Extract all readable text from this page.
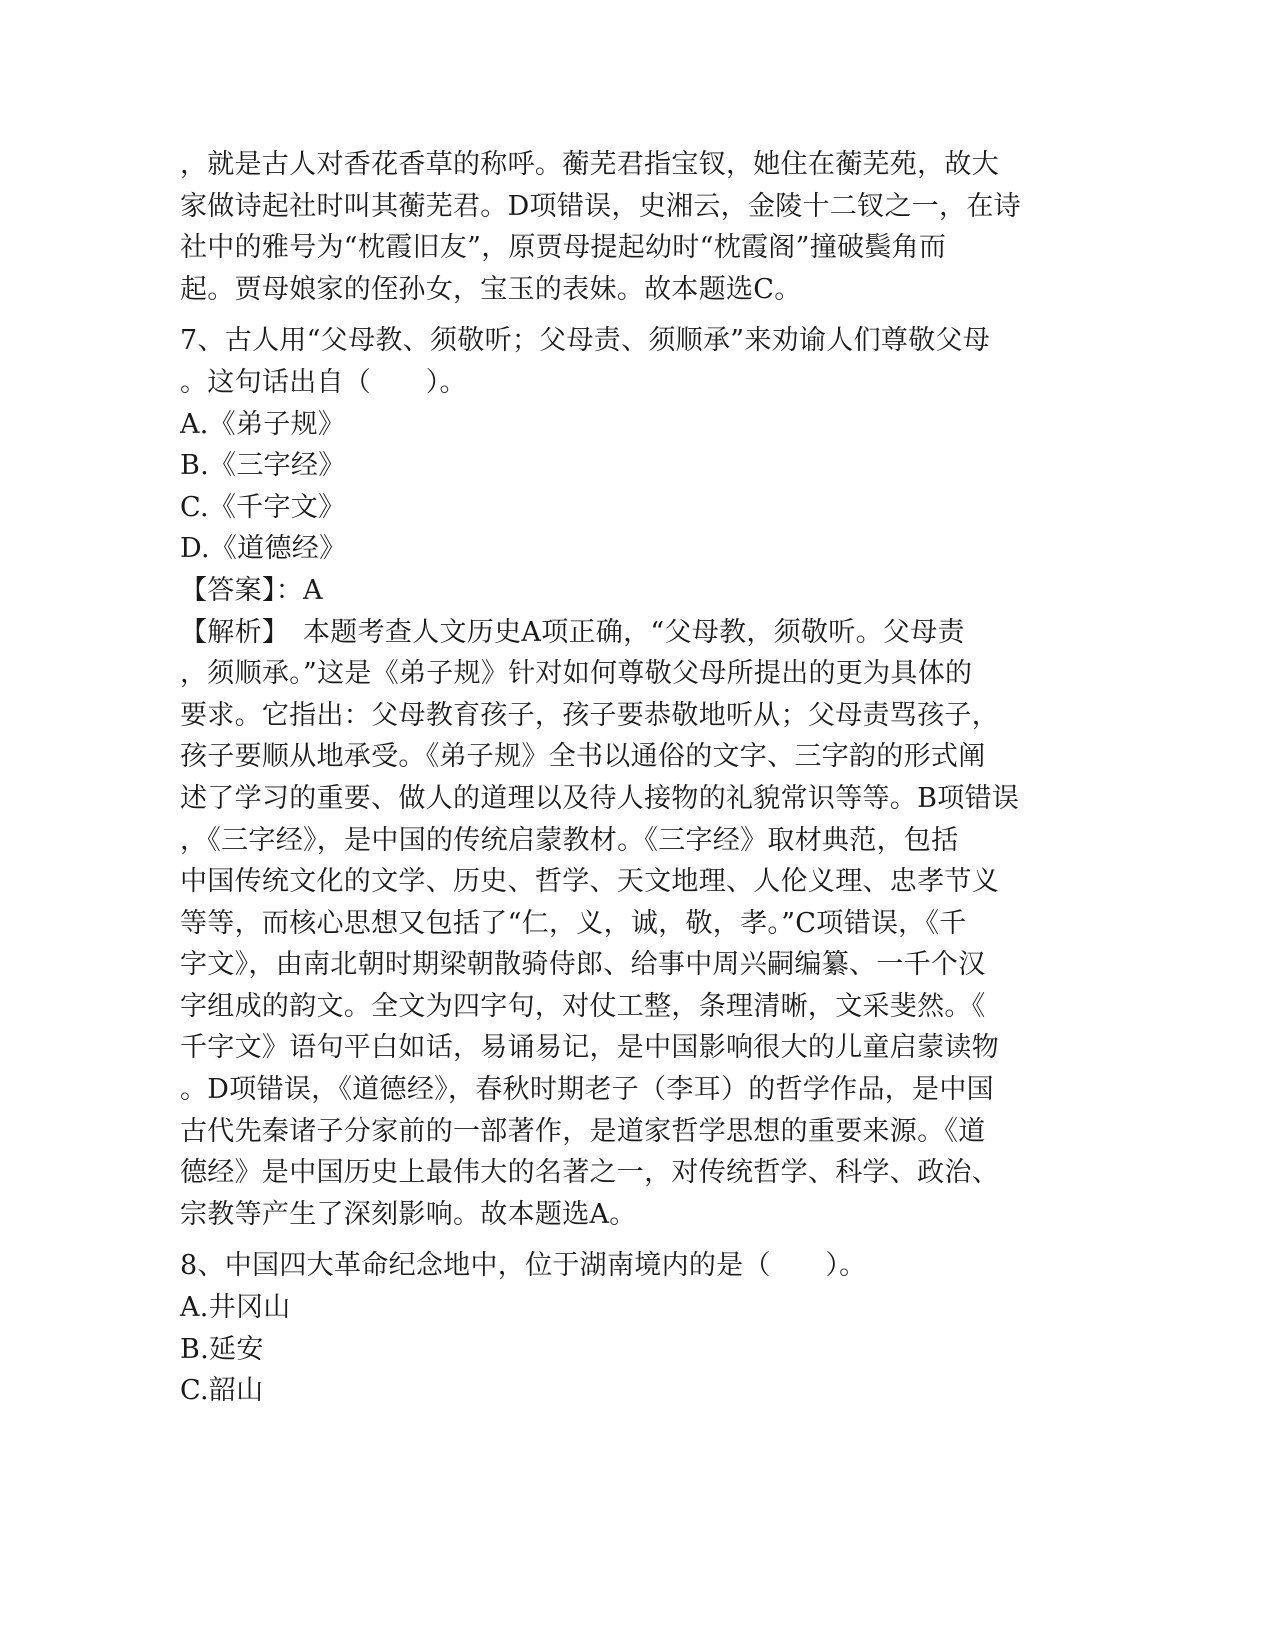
，就是古人对香花香草的称呼。蘅芜君指宝钗，她住在蘅芜苑，故大
家做诗起社时叫其蘅芜君。D项错误，史湘云，金陵十二钗之一，在诗
社中的雅号为“枕霞旧友”，原贾母提起幼时“枕霞阁”撞破鬓角而
起。贾母娘家的侄孙女，宝玉的表妹。故本题选C。
7、古人用“父母教、须敬听；父母责、须顺承”来劝谕人们尊敬父母
。这句话出自（　　）。
A.《弟子规》
B.《三字经》
C.《千字文》
D.《道德经》
【答案】：A
【解析】　本题考查人文历史A项正确，“父母教，须敬听。父母责
，须顺承。”这是《弟子规》针对如何尊敬父母所提出的更为具体的
要求。它指出：父母教育孩子，孩子要恭敬地听从；父母责骂孩子，
孩子要顺从地承受。《弟子规》全书以通俗的文字、三字韵的形式阐
述了学习的重要、做人的道理以及待人接物的礼貌常识等等。B项错误
，《三字经》，是中国的传统启蒙教材。《三字经》取材典范，包括
中国传统文化的文学、历史、哲学、天文地理、人伦义理、忠孝节义
等等，而核心思想又包括了“仁，义，诚，敬，孝。”C项错误，《千
字文》，由南北朝时期梁朝散骑侍郎、给事中周兴嗣编纂、一千个汉
字组成的韵文。全文为四字句，对仗工整，条理清晰，文采斐然。《
千字文》语句平白如话，易诵易记，是中国影响很大的儿童启蒙读物
。D项错误，《道德经》，春秋时期老子（李耳）的哲学作品，是中国
古代先秦诸子分家前的一部著作，是道家哲学思想的重要来源。《道
德经》是中国历史上最伟大的名著之一，对传统哲学、科学、政治、
宗教等产生了深刻影响。故本题选A。
8、中国四大革命纪念地中，位于湖南境内的是（　　）。
A.井冈山
B.延安
C.韶山
